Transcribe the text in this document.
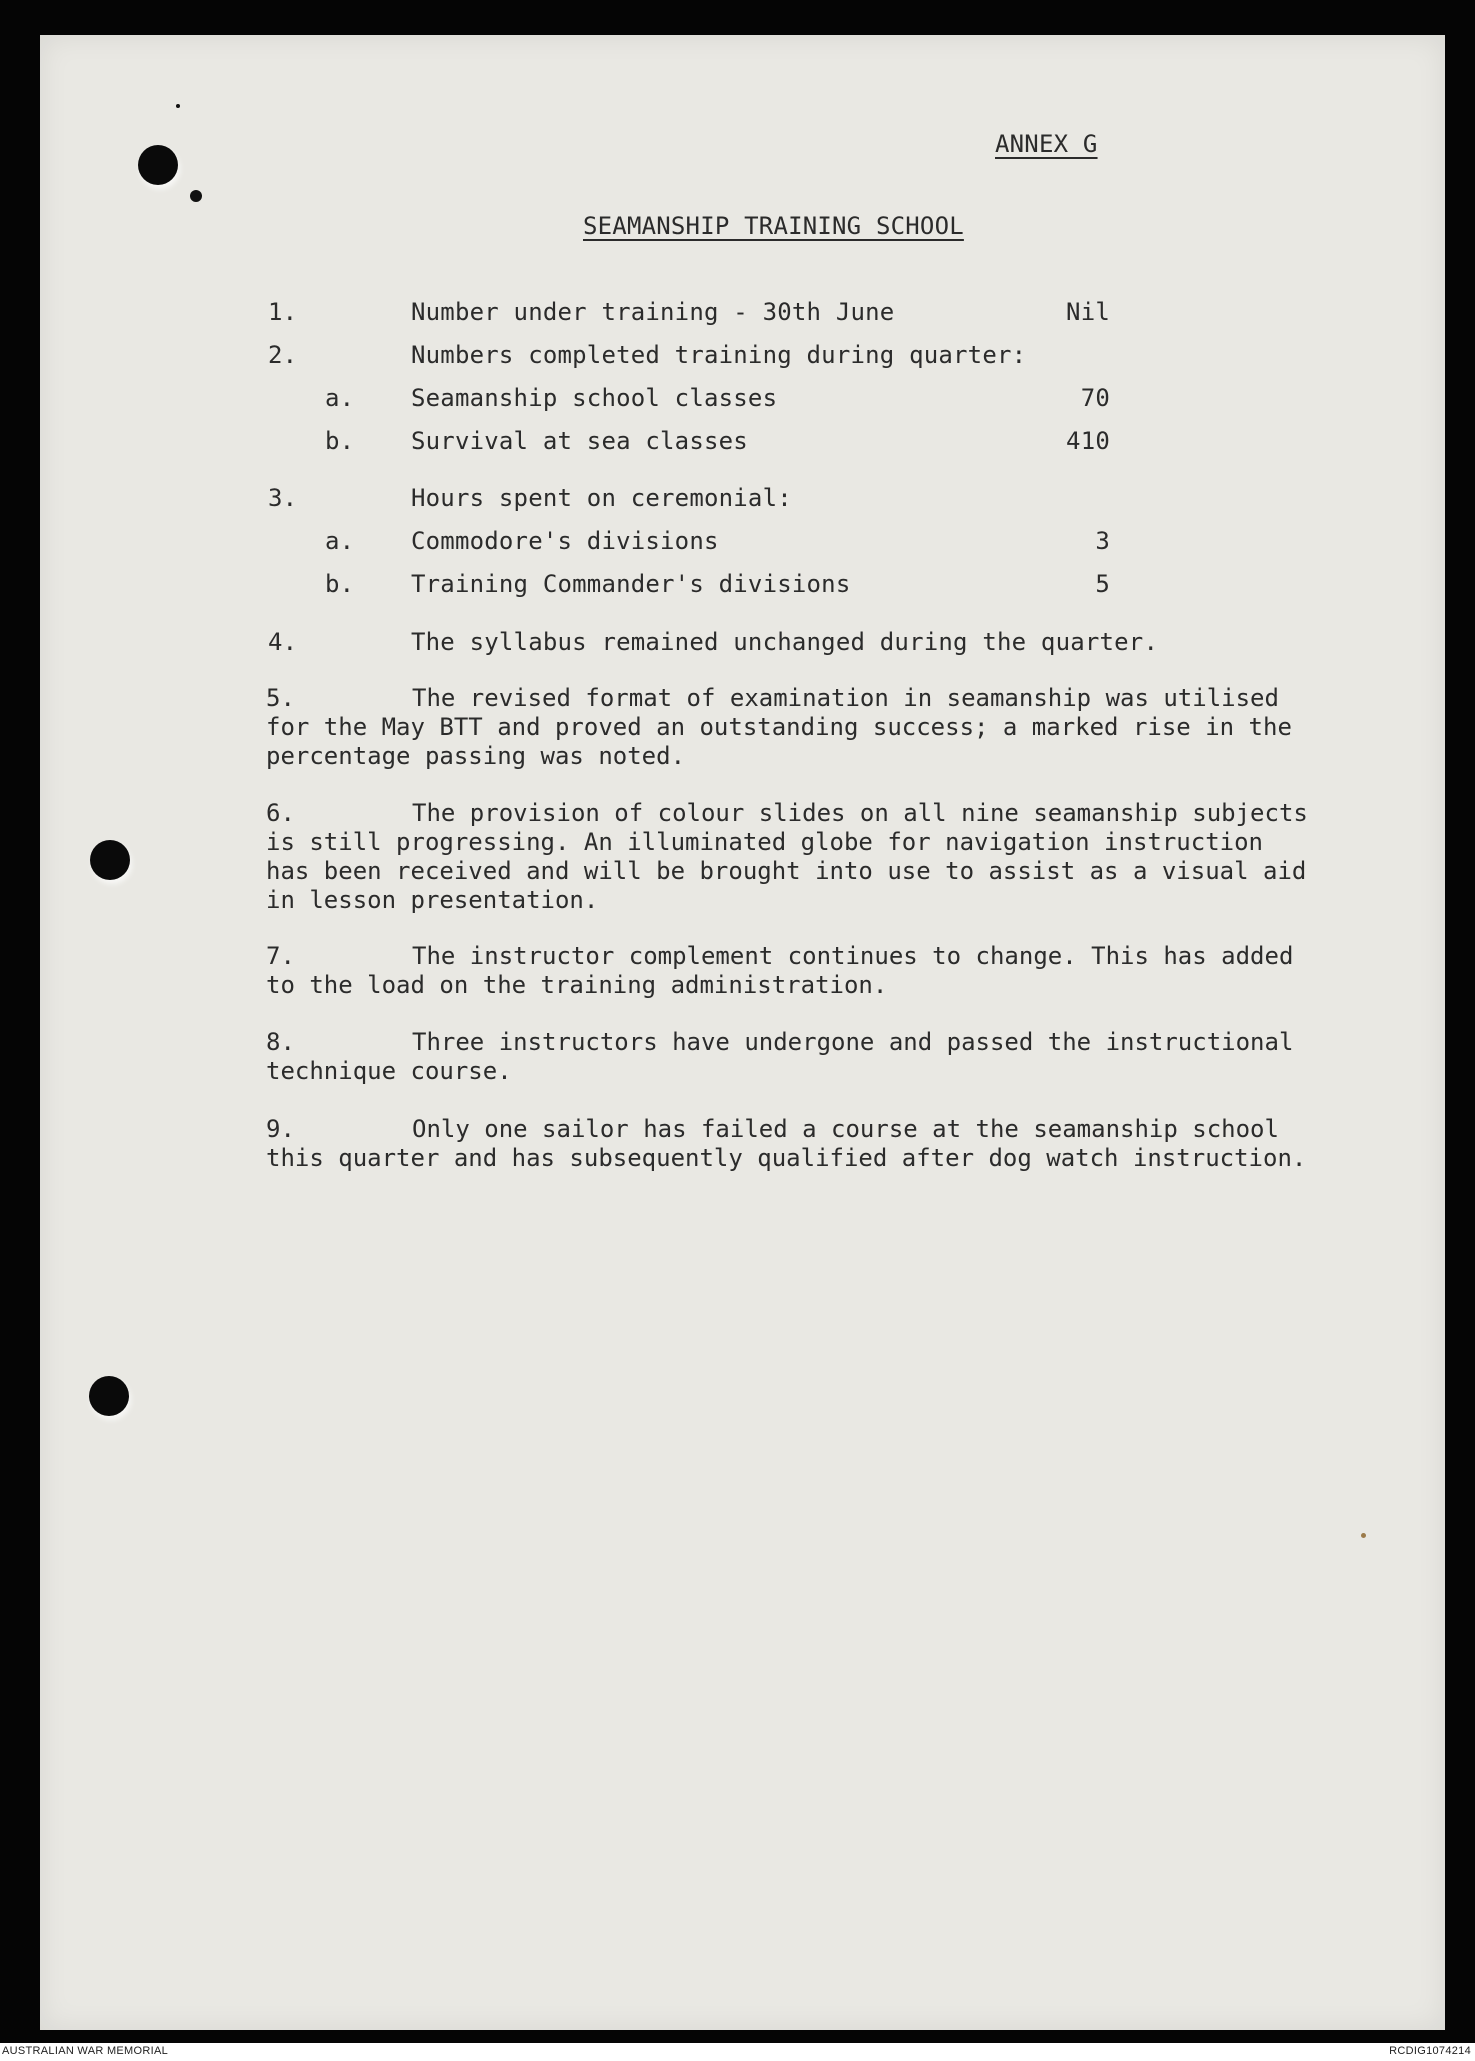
ANNEX G
SEAMANSHIP TRAINING SCHOOL
1.	Number under training - 30th June	Nil
2.	Numbers completed training during quarter:
a. Seamanship school classes	70
b. Survival at sea classes	410
3.	Hours spent on ceremonial:
a. Commodore's divisions	3
b. Training Commander's divisions	5
4.	The syllabus remained unchanged during the quarter.
5.	The revised format of examination in seamanship was utilised for the May BTT and proved an outstanding success; a marked rise in the percentage passing was noted.
6.	The provision of colour slides on all nine seamanship subjects is still progressing. An illuminated globe for navigation instruction has been received and will be brought into use to assist as a visual aid in lesson presentation.
7.	The instructor complement continues to change. This has added to the load on the training administration.
8.	Three instructors have undergone and passed the instructional technique course.
9.	Only one sailor has failed a course at the seamanship school this quarter and has subsequently qualified after dog watch instruction.
AUSTRALIAN WAR MEMORIAL	RCDIG1074214
